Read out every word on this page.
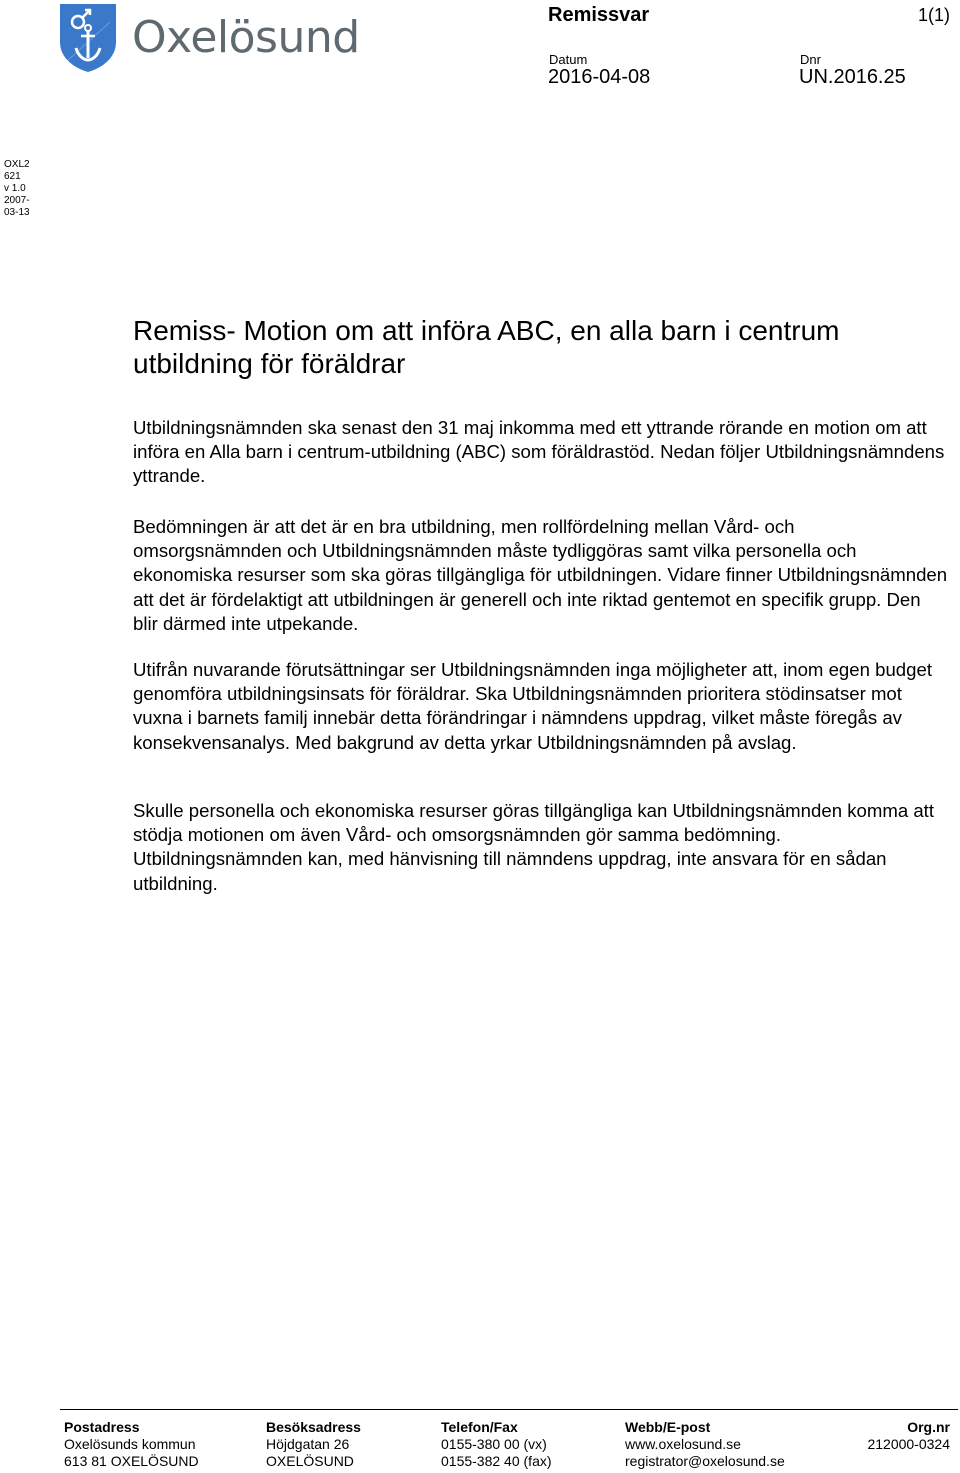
Oxelösund	Remissvar	1(1)
Datum
2016-04-08
Dnr
UN.2016.25
OXL2
621
v 1.0
2007-
03-13
Remiss- Motion om att införa ABC, en alla barn i centrum utbildning för föräldrar
Utbildningsnämnden ska senast den 31 maj inkomma med ett yttrande rörande en motion om att införa en Alla barn i centrum-utbildning (ABC) som föräldrastöd. Nedan följer Utbildningsnämndens yttrande.
Bedömningen är att det är en bra utbildning, men rollfördelning mellan Vård- och omsorgsnämnden och Utbildningsnämnden måste tydliggöras samt vilka personella och ekonomiska resurser som ska göras tillgängliga för utbildningen. Vidare finner Utbildningsnämnden att det är fördelaktigt att utbildningen är generell och inte riktad gentemot en specifik grupp. Den blir därmed inte utpekande.
Utifrån nuvarande förutsättningar ser Utbildningsnämnden inga möjligheter att, inom egen budget genomföra utbildningsinsats för föräldrar. Ska Utbildningsnämnden prioritera stödinsatser mot vuxna i barnets familj innebär detta förändringar i nämndens uppdrag, vilket måste föregås av konsekvensanalys. Med bakgrund av detta yrkar Utbildningsnämnden på avslag.
Skulle personella och ekonomiska resurser göras tillgängliga kan Utbildningsnämnden komma att stödja motionen om även Vård- och omsorgsnämnden gör samma bedömning. Utbildningsnämnden kan, med hänvisning till nämndens uppdrag, inte ansvara för en sådan utbildning.
Postadress
Oxelösunds kommun
613 81 OXELÖSUND
Besöksadress
Höjdgatan 26
OXELÖSUND
Telefon/Fax
0155-380 00 (vx)
0155-382 40 (fax)
Webb/E-post
www.oxelosund.se
registrator@oxelosund.se
Org.nr
212000-0324
